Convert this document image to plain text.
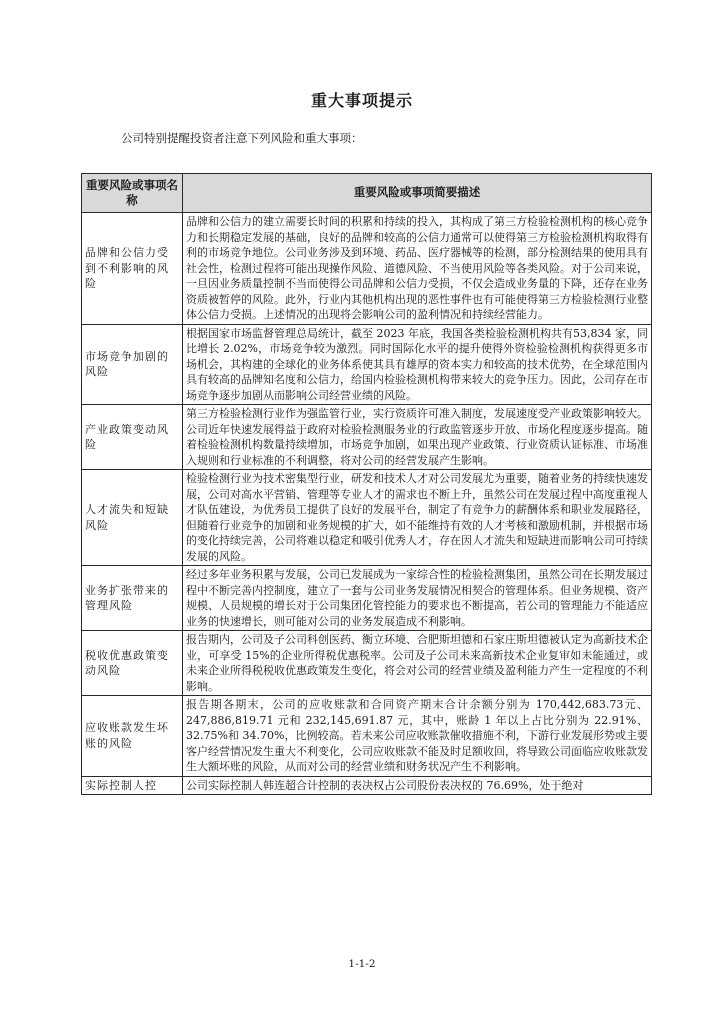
重大事项提示
公司特别提醒投资者注意下列风险和重大事项：
重要风险或事项名称	重要风险或事项简要描述
品牌和公信力受到不利影响的风险	品牌和公信力的建立需要长时间的积累和持续的投入，其构成了第三方检验检测机构的核心竞争力和长期稳定发展的基础，良好的品牌和较高的公信力通常可以使得第三方检验检测机构取得有利的市场竞争地位。公司业务涉及到环境、药品、医疗器械等的检测，部分检测结果的使用具有社会性，检测过程将可能出现操作风险、道德风险、不当使用风险等各类风险。对于公司来说，一旦因业务质量控制不当而使得公司品牌和公信力受损，不仅会造成业务量的下降，还存在业务资质被暂停的风险。此外，行业内其他机构出现的恶性事件也有可能使得第三方检验检测行业整体公信力受损。上述情况的出现将会影响公司的盈利情况和持续经营能力。
市场竞争加剧的风险	根据国家市场监督管理总局统计，截至 2023 年底，我国各类检验检测机构共有53,834 家，同比增长 2.02%，市场竞争较为激烈。同时国际化水平的提升使得外资检验检测机构获得更多市场机会，其构建的全球化的业务体系使其具有雄厚的资本实力和较高的技术优势，在全球范围内具有较高的品牌知名度和公信力，给国内检验检测机构带来较大的竞争压力。因此，公司存在市场竞争逐步加剧从而影响公司经营业绩的风险。
产业政策变动风险	第三方检验检测行业作为强监管行业，实行资质许可准入制度，发展速度受产业政策影响较大。公司近年快速发展得益于政府对检验检测服务业的行政监管逐步开放、市场化程度逐步提高。随着检验检测机构数量持续增加，市场竞争加剧，如果出现产业政策、行业资质认证标准、市场准入规则和行业标准的不利调整，将对公司的经营发展产生影响。
人才流失和短缺风险	检验检测行业为技术密集型行业，研发和技术人才对公司发展尤为重要，随着业务的持续快速发展，公司对高水平营销、管理等专业人才的需求也不断上升，虽然公司在发展过程中高度重视人才队伍建设，为优秀员工提供了良好的发展平台，制定了有竞争力的薪酬体系和职业发展路径，但随着行业竞争的加剧和业务规模的扩大，如不能维持有效的人才考核和激励机制，并根据市场的变化持续完善，公司将难以稳定和吸引优秀人才，存在因人才流失和短缺进而影响公司可持续发展的风险。
业务扩张带来的管理风险	经过多年业务积累与发展，公司已发展成为一家综合性的检验检测集团，虽然公司在长期发展过程中不断完善内控制度，建立了一套与公司业务发展情况相契合的管理体系。但业务规模、资产规模、人员规模的增长对于公司集团化管控能力的要求也不断提高，若公司的管理能力不能适应业务的快速增长，则可能对公司的业务发展造成不利影响。
税收优惠政策变动风险	报告期内，公司及子公司科创医药、衡立环境、合肥斯坦德和石家庄斯坦德被认定为高新技术企业，可享受 15%的企业所得税优惠税率。公司及子公司未来高新技术企业复审如未能通过，或未来企业所得税税收优惠政策发生变化，将会对公司的经营业绩及盈利能力产生一定程度的不利影响。
应收账款发生坏账的风险	报告期各期末，公司的应收账款和合同资产期末合计余额分别为 170,442,683.73元、247,886,819.71 元和 232,145,691.87 元，其中，账龄 1 年以上占比分别为 22.91%、32.75%和 34.70%，比例较高。若未来公司应收账款催收措施不利，下游行业发展形势或主要客户经营情况发生重大不利变化，公司应收账款不能及时足额收回，将导致公司面临应收账款发生大额坏账的风险，从而对公司的经营业绩和财务状况产生不利影响。
实际控制人控	公司实际控制人韩连超合计控制的表决权占公司股份表决权的 76.69%，处于绝对
1-1-2
